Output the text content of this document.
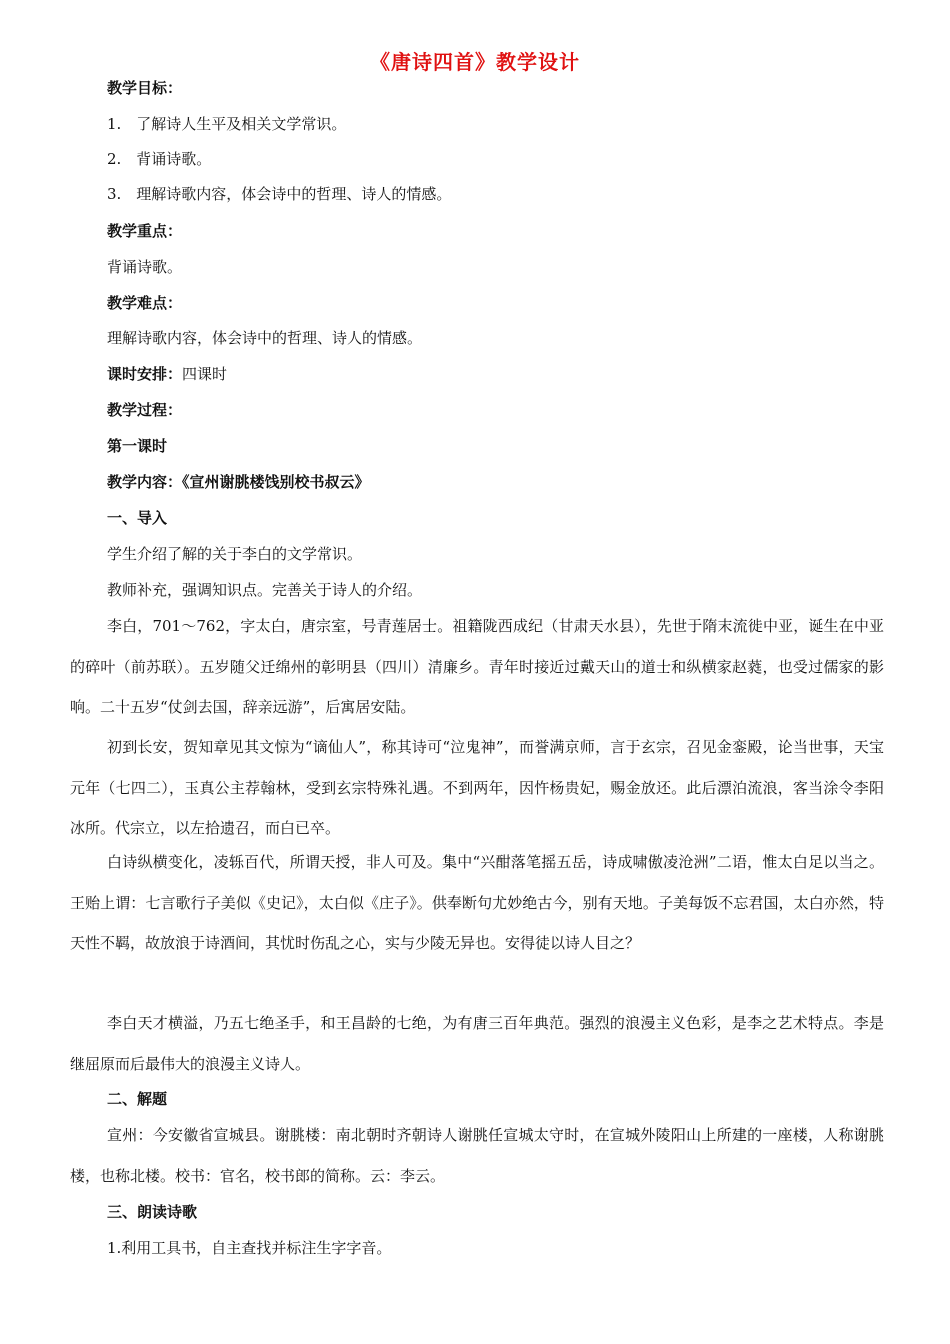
《唐诗四首》教学设计
教学目标：
1.　了解诗人生平及相关文学常识。
2.　背诵诗歌。
3.　理解诗歌内容，体会诗中的哲理、诗人的情感。
教学重点：
背诵诗歌。
教学难点：
理解诗歌内容，体会诗中的哲理、诗人的情感。
课时安排：四课时
教学过程：
第一课时
教学内容：《宣州谢朓楼饯别校书叔云》
一、导入
学生介绍了解的关于李白的文学常识。
教师补充，强调知识点。完善关于诗人的介绍。
李白，701～762，字太白，唐宗室，号青莲居士。祖籍陇西成纪（甘肃天水县），先世于隋末流徙中亚，诞生在中亚的碎叶（前苏联）。五岁随父迁绵州的彰明县（四川）清廉乡。青年时接近过戴天山的道士和纵横家赵蕤，也受过儒家的影响。二十五岁“仗剑去国，辞亲远游”，后寓居安陆。
初到长安，贺知章见其文惊为“谪仙人”，称其诗可“泣鬼神”，而誉满京师，言于玄宗，召见金銮殿，论当世事，天宝元年（七四二），玉真公主荐翰林，受到玄宗特殊礼遇。不到两年，因忤杨贵妃，赐金放还。此后漂泊流浪，客当涂令李阳冰所。代宗立，以左拾遗召，而白已卒。
白诗纵横变化，凌轹百代，所谓天授，非人可及。集中“兴酣落笔摇五岳，诗成啸傲凌沧洲”二语，惟太白足以当之。王贻上谓：七言歌行子美似《史记》，太白似《庄子》。供奉断句尤妙绝古今，别有天地。子美每饭不忘君国，太白亦然，特天性不羁，故放浪于诗酒间，其忧时伤乱之心，实与少陵无异也。安得徒以诗人目之？
李白天才横溢，乃五七绝圣手，和王昌龄的七绝，为有唐三百年典范。强烈的浪漫主义色彩，是李之艺术特点。李是继屈原而后最伟大的浪漫主义诗人。
二、解题
宣州：今安徽省宣城县。谢朓楼：南北朝时齐朝诗人谢朓任宣城太守时，在宣城外陵阳山上所建的一座楼，人称谢朓楼，也称北楼。校书：官名，校书郎的简称。云：李云。
三、朗读诗歌
1.利用工具书，自主查找并标注生字字音。
